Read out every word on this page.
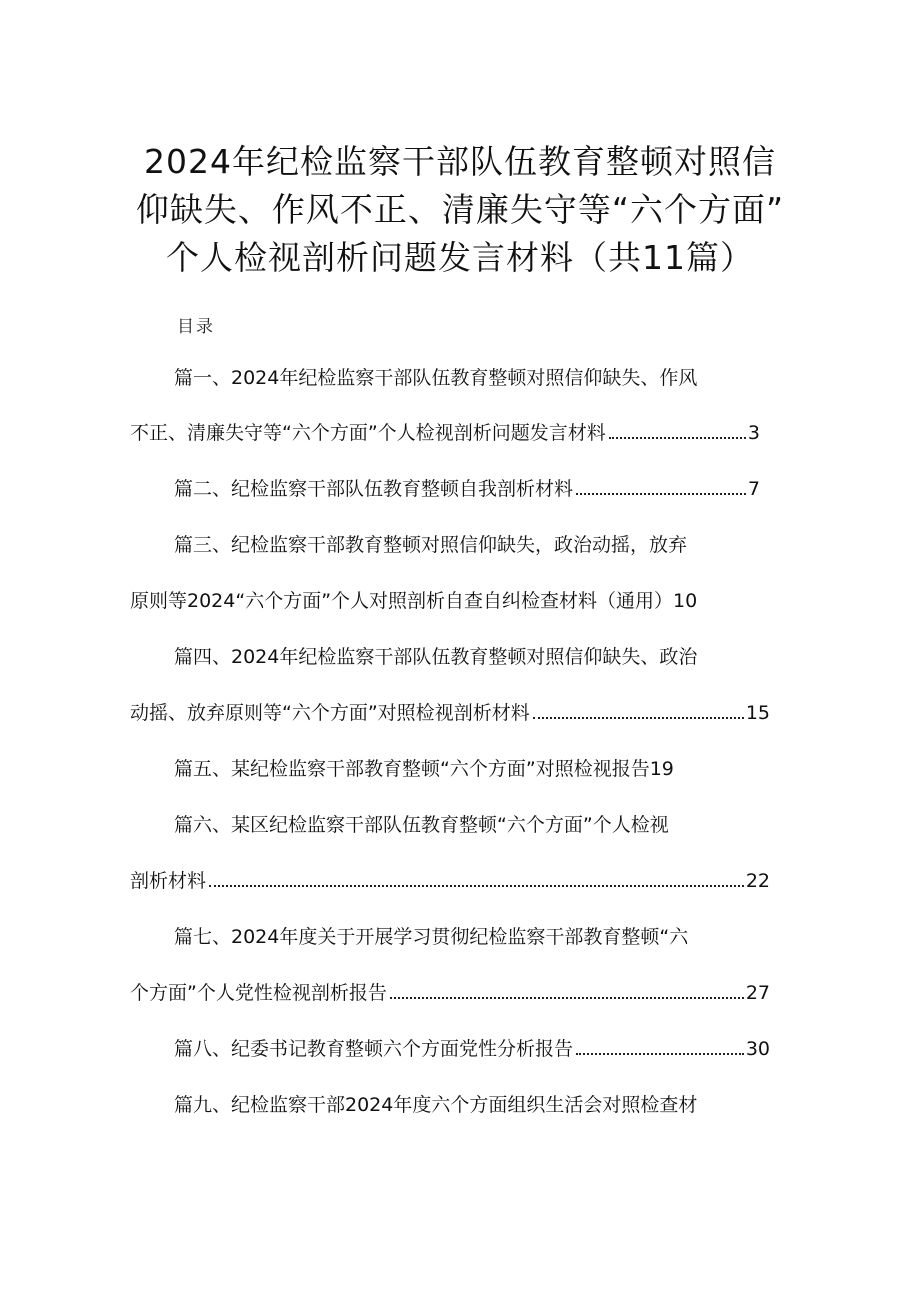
2024年纪检监察干部队伍教育整顿对照信
仰缺失、作风不正、清廉失守等“六个方面”
个人检视剖析问题发言材料（共11篇）
目录
篇一、2024年纪检监察干部队伍教育整顿对照信仰缺失、作风
不正、清廉失守等“六个方面”个人检视剖析问题发言材料	3
篇二、纪检监察干部队伍教育整顿自我剖析材料	7
篇三、纪检监察干部教育整顿对照信仰缺失，政治动摇，放弃
原则等2024“六个方面”个人对照剖析自查自纠检查材料（通用）10
篇四、2024年纪检监察干部队伍教育整顿对照信仰缺失、政治
动摇、放弃原则等“六个方面”对照检视剖析材料	15
篇五、某纪检监察干部教育整顿“六个方面”对照检视报告19
篇六、某区纪检监察干部队伍教育整顿“六个方面”个人检视
剖析材料	22
篇七、2024年度关于开展学习贯彻纪检监察干部教育整顿“六
个方面”个人党性检视剖析报告	27
篇八、纪委书记教育整顿六个方面党性分析报告	30
篇九、纪检监察干部2024年度六个方面组织生活会对照检查材
